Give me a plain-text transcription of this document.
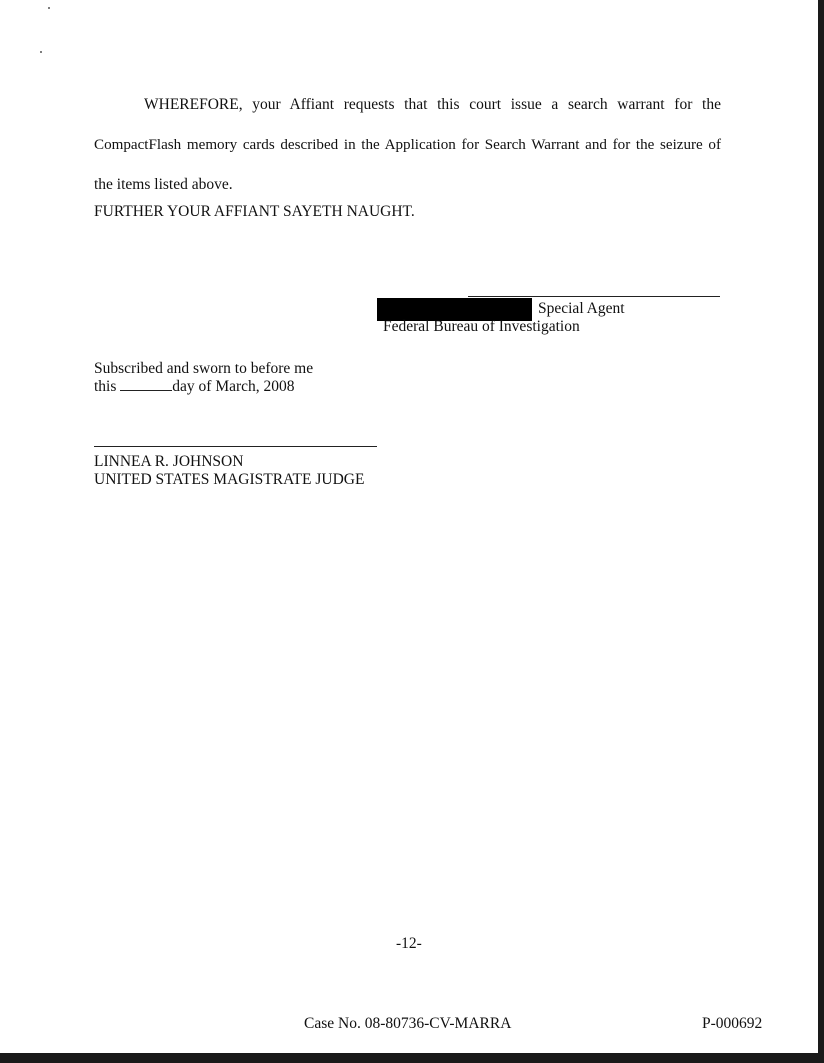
WHEREFORE, your Affiant requests that this court issue a search warrant for the
CompactFlash memory cards described in the Application for Search Warrant and for the seizure of
the items listed above.

FURTHER YOUR AFFIANT SAYETH NAUGHT.

Special Agent

Federal Bureau of Investigation

Subscribed and sworn to before me
this	day of March, 2008

LINNEA R. JOHNSON
UNITED STATES MAGISTRATE JUDGE

-12-

Case No. 08-80736-CV-MARRA	P-000692
